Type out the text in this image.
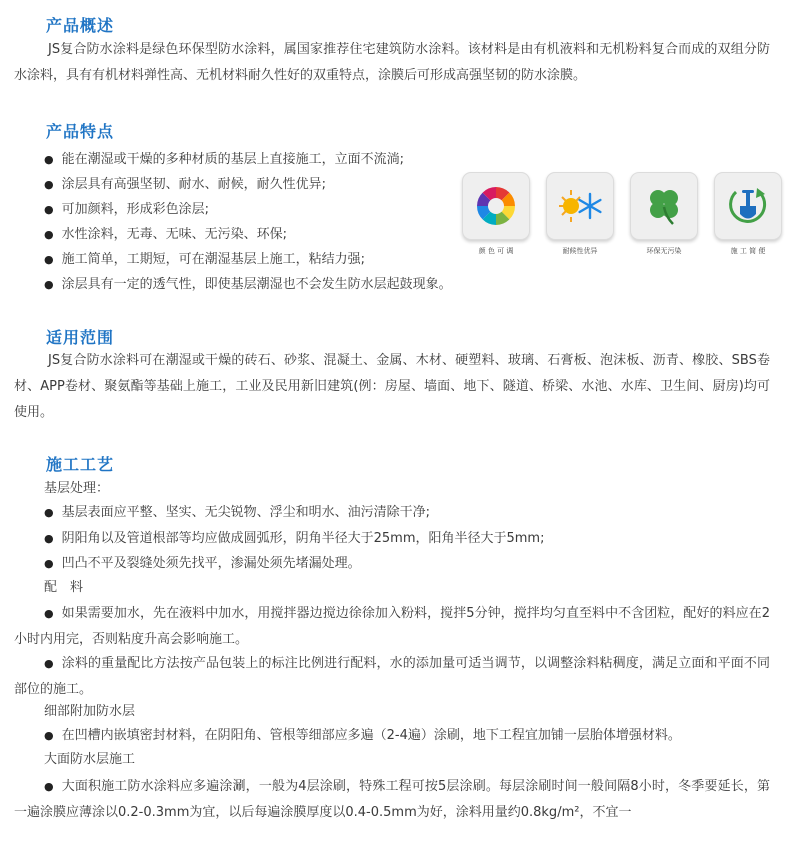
产品概述

JS复合防水涂料是绿色环保型防水涂料，属国家推荐住宅建筑防水涂料。该材料是由有机液料和无机粉料复合而成的双组分防水涂料，具有有机材料弹性高、无机材料耐久性好的双重特点，涂膜后可形成高强坚韧的防水涂膜。

产品特点
● 能在潮湿或干燥的多种材质的基层上直接施工，立面不流淌;
● 涂层具有高强坚韧、耐水、耐候，耐久性优异;
● 可加颜料，形成彩色涂层;
● 水性涂料，无毒、无味、无污染、环保;
● 施工简单，工期短，可在潮湿基层上施工，粘结力强;
● 涂层具有一定的透气性，即使基层潮湿也不会发生防水层起鼓现象。
颜 色 可 调	耐候性优异	环保无污染	施 工 简 便
适用范围

JS复合防水涂料可在潮湿或干燥的砖石、砂浆、混凝土、金属、木材、硬塑料、玻璃、石膏板、泡沫板、沥青、橡胶、SBS卷材、APP卷材、聚氨酯等基础上施工，工业及民用新旧建筑(例：房屋、墙面、地下、隧道、桥梁、水池、水库、卫生间、厨房)均可使用。

施工工艺
基层处理：
● 基层表面应平整、坚实、无尖锐物、浮尘和明水、油污清除干净;
● 阴阳角以及管道根部等均应做成圆弧形，阴角半径大于25mm，阳角半径大于5mm;
● 凹凸不平及裂缝处须先找平，渗漏处须先堵漏处理。
配　料

● 如果需要加水，先在液料中加水，用搅拌器边搅边徐徐加入粉料，搅拌5分钟，搅拌均匀直至料中不含团粒，配好的料应在2小时内用完，否则粘度升高会影响施工。

● 涂料的重量配比方法按产品包装上的标注比例进行配料，水的添加量可适当调节，以调整涂料粘稠度，满足立面和平面不同部位的施工。

细部附加防水层
● 在凹槽内嵌填密封材料，在阴阳角、管根等细部应多遍（2-4遍）涂刷，地下工程宜加铺一层胎体增强材料。
大面防水层施工

● 大面积施工防水涂料应多遍涂涮，一般为4层涂刷，特殊工程可按5层涂刷。每层涂刷时间一般间隔8小时，冬季要延长，第一遍涂膜应薄涂以0.2-0.3mm为宜，以后每遍涂膜厚度以0.4-0.5mm为好，涂料用量约0.8kg/m²，不宜一
